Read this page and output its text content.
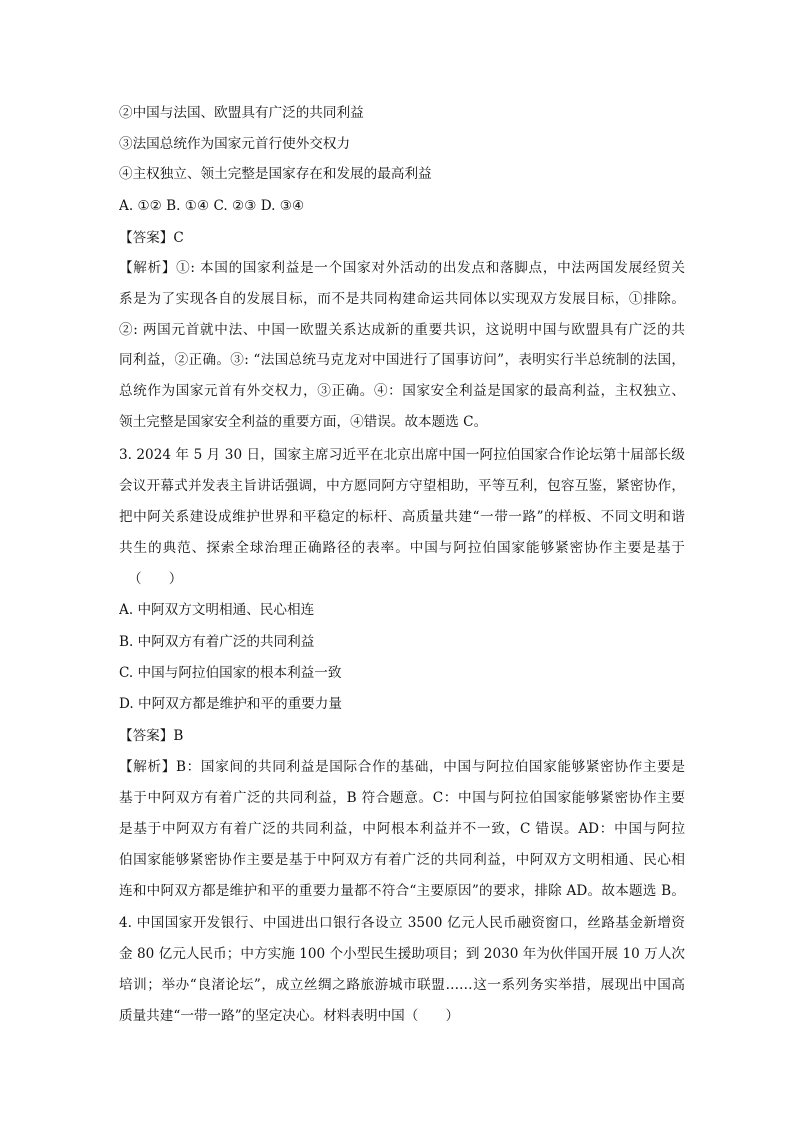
②中国与法国、欧盟具有广泛的共同利益
③法国总统作为国家元首行使外交权力
④主权独立、领土完整是国家存在和发展的最高利益
A. ①② B. ①④ C. ②③ D. ③④
【答案】C
【解析】①: 本国的国家利益是一个国家对外活动的出发点和落脚点，中法两国发展经贸关
系是为了实现各自的发展目标，而不是共同构建命运共同体以实现双方发展目标，①排除。
②: 两国元首就中法、中国一欧盟关系达成新的重要共识，这说明中国与欧盟具有广泛的共
同利益，②正确。③: “法国总统马克龙对中国进行了国事访问”，表明实行半总统制的法国，
总统作为国家元首有外交权力，③正确。④：国家安全利益是国家的最高利益，主权独立、
领土完整是国家安全利益的重要方面，④错误。故本题选 C。
3. 2024 年 5 月 30 日，国家主席习近平在北京出席中国一阿拉伯国家合作论坛第十届部长级
会议开幕式并发表主旨讲话强调，中方愿同阿方守望相助，平等互利，包容互鉴，紧密协作，
把中阿关系建设成维护世界和平稳定的标杆、高质量共建“一带一路”的样板、不同文明和谐
共生的典范、探索全球治理正确路径的表率。中国与阿拉伯国家能够紧密协作主要是基于
（　　）
A. 中阿双方文明相通、民心相连
B. 中阿双方有着广泛的共同利益
C. 中国与阿拉伯国家的根本利益一致
D. 中阿双方都是维护和平的重要力量
【答案】B
【解析】B：国家间的共同利益是国际合作的基础，中国与阿拉伯国家能够紧密协作主要是
基于中阿双方有着广泛的共同利益，B 符合题意。C：中国与阿拉伯国家能够紧密协作主要
是基于中阿双方有着广泛的共同利益，中阿根本利益并不一致，C 错误。AD：中国与阿拉
伯国家能够紧密协作主要是基于中阿双方有着广泛的共同利益，中阿双方文明相通、民心相
连和中阿双方都是维护和平的重要力量都不符合“主要原因”的要求，排除 AD。故本题选 B。
4. 中国国家开发银行、中国进出口银行各设立 3500 亿元人民币融资窗口，丝路基金新增资
金 80 亿元人民币；中方实施 100 个小型民生援助项目；到 2030 年为伙伴国开展 10 万人次
培训；举办“良渚论坛”，成立丝绸之路旅游城市联盟……这一系列务实举措，展现出中国高
质量共建“一带一路”的坚定决心。材料表明中国（　　）
